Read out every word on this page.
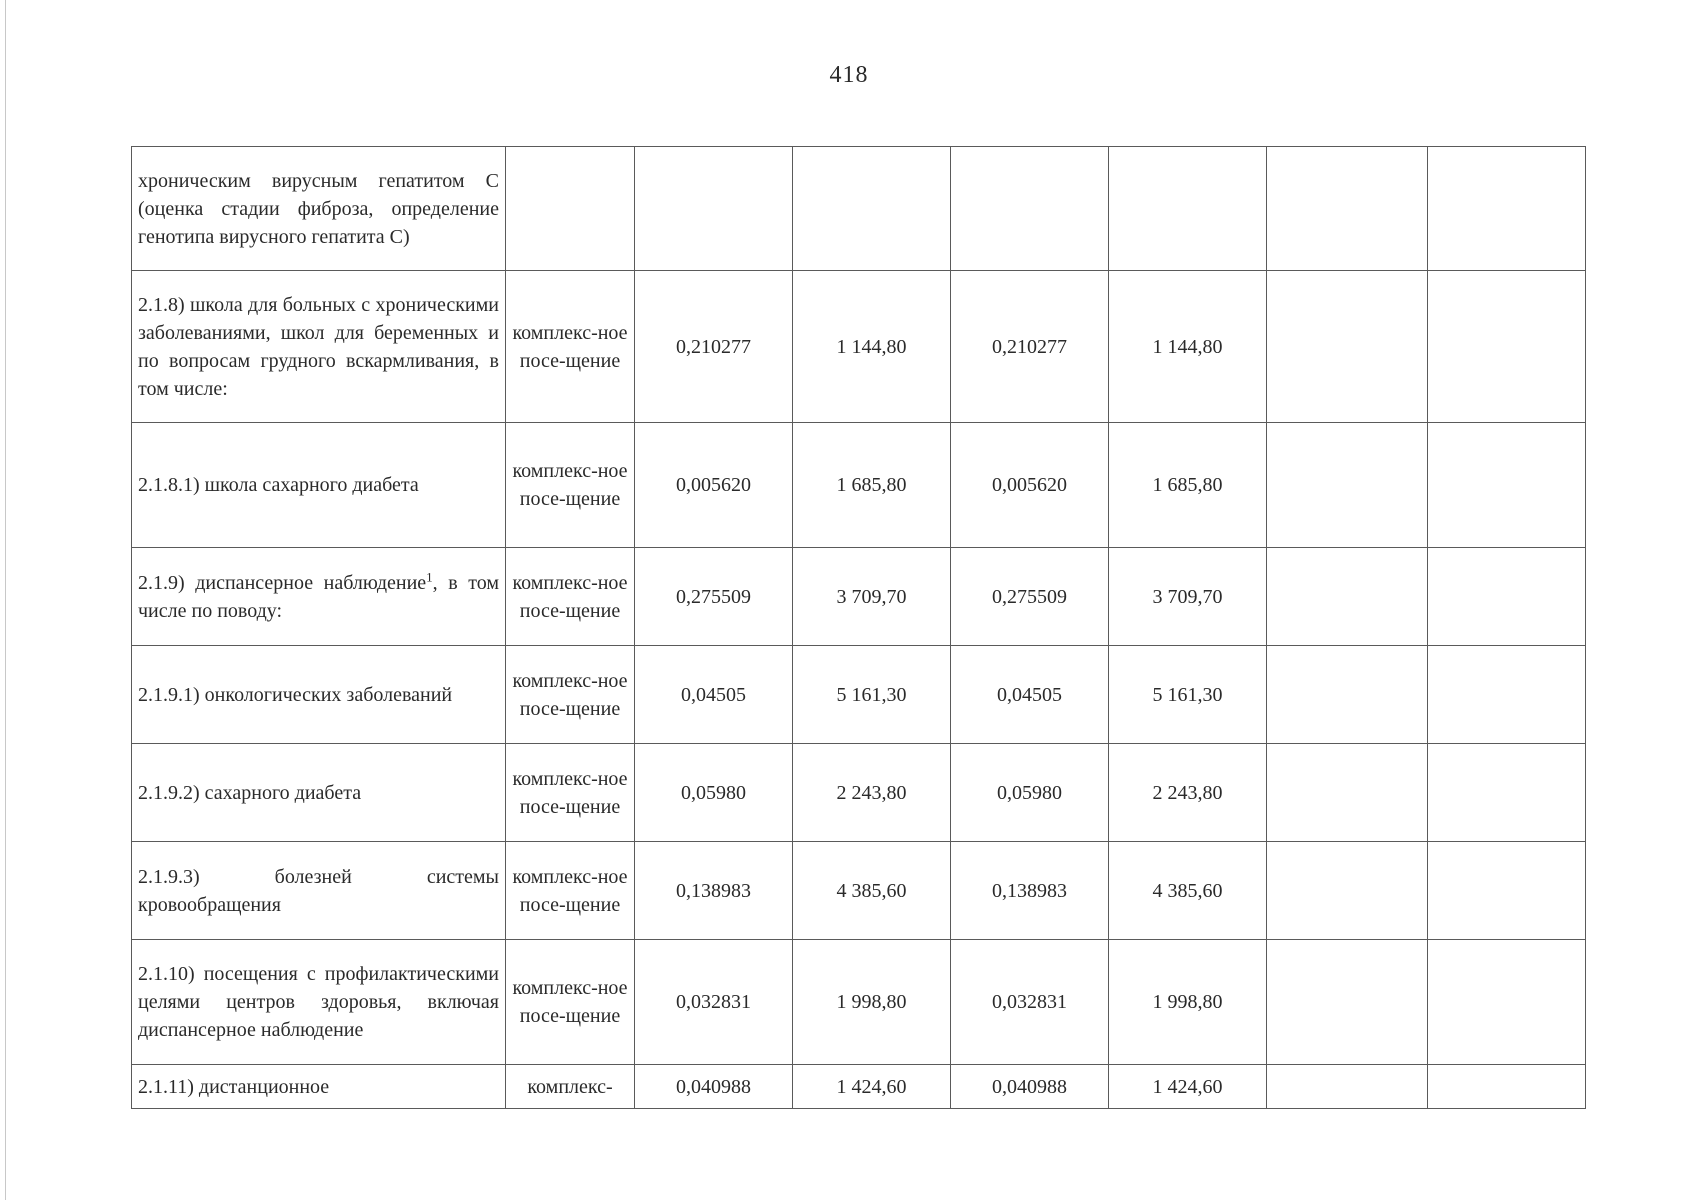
418
хроническим вирусным гепатитом С (оценка стадии фиброза, определение генотипа вирусного гепатита С)							
2.1.8) школа для больных с хроническими заболеваниями, школ для беременных и по вопросам грудного вскармливания, в том числе:	комплекс-ное посе-щение	0,210277	1 144,80	0,210277	1 144,80		
2.1.8.1) школа сахарного диабета	комплекс-ное посе-щение	0,005620	1 685,80	0,005620	1 685,80		
2.1.9) диспансерное наблюдение$^1$, в том числе по поводу:	комплекс-ное посе-щение	0,275509	3 709,70	0,275509	3 709,70		
2.1.9.1) онкологических заболеваний	комплекс-ное посе-щение	0,04505	5 161,30	0,04505	5 161,30		
2.1.9.2) сахарного диабета	комплекс-ное посе-щение	0,05980	2 243,80	0,05980	2 243,80		
2.1.9.3) болезней системы кровообращения	комплекс-ное посе-щение	0,138983	4 385,60	0,138983	4 385,60		
2.1.10) посещения с профилактическими целями центров здоровья, включая диспансерное наблюдение	комплекс-ное посе-щение	0,032831	1 998,80	0,032831	1 998,80		
2.1.11) дистанционное	комплекс-	0,040988	1 424,60	0,040988	1 424,60		
